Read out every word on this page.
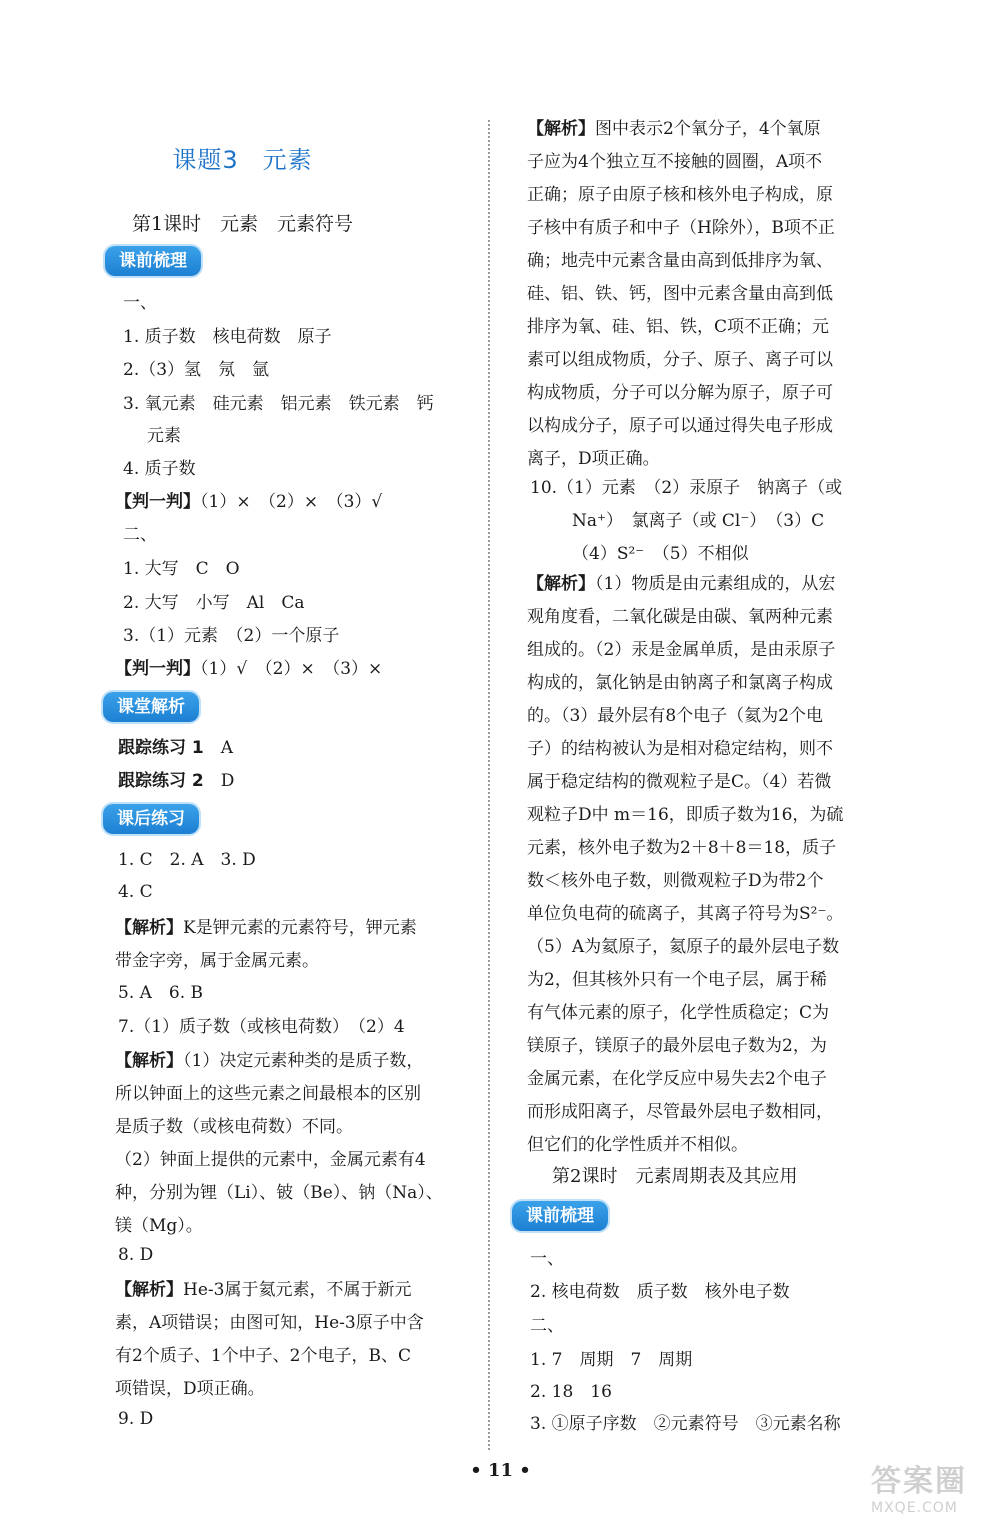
课题3 元素
第1课时　元素　元素符号
课前梳理
一、
1. 质子数　核电荷数　原子
2.（3）氢　氖　氩
3. 氧元素　硅元素　铝元素　铁元素　钙
元素
4. 质子数
【判一判】（1）×　（2）×　（3）√
二、
1. 大写　C　O
2. 大写　小写　Al　Ca
3.（1）元素　（2）一个原子
【判一判】（1）√　（2）×　（3）×
课堂解析
跟踪练习 1　 A
跟踪练习 2　 D
课后练习
1. C　2. A　3. D
4. C
【解析】K是钾元素的元素符号，钾元素
带金字旁，属于金属元素。
5. A　6. B
7.（1）质子数（或核电荷数）　（2）4
【解析】（1）决定元素种类的是质子数，
所以钟面上的这些元素之间最根本的区别
是质子数（或核电荷数）不同。
（2）钟面上提供的元素中，金属元素有4
种，分别为锂（Li）、铍（Be）、钠（Na）、
镁（Mg）。
8. D
【解析】He-3属于氦元素，不属于新元
素，A项错误；由图可知，He-3原子中含
有2个质子、1个中子、2个电子，B、C
项错误，D项正确。
9. D
【解析】图中表示2个氧分子，4个氧原
子应为4个独立互不接触的圆圈，A项不
正确；原子由原子核和核外电子构成，原
子核中有质子和中子（H除外），B项不正
确；地壳中元素含量由高到低排序为氧、
硅、铝、铁、钙，图中元素含量由高到低
排序为氧、硅、铝、铁，C项不正确；元
素可以组成物质，分子、原子、离子可以
构成物质，分子可以分解为原子，原子可
以构成分子，原子可以通过得失电子形成
离子，D项正确。
10.（1）元素　（2）汞原子　钠离子（或
Na⁺）　氯离子（或 Cl⁻）　（3）C
（4）S²⁻　（5）不相似
【解析】（1）物质是由元素组成的，从宏
观角度看，二氧化碳是由碳、氧两种元素
组成的。（2）汞是金属单质，是由汞原子
构成的，氯化钠是由钠离子和氯离子构成
的。（3）最外层有8个电子（氦为2个电
子）的结构被认为是相对稳定结构，则不
属于稳定结构的微观粒子是C。（4）若微
观粒子D中 m＝16，即质子数为16，为硫
元素，核外电子数为2＋8＋8＝18，质子
数＜核外电子数，则微观粒子D为带2个
单位负电荷的硫离子，其离子符号为S²⁻。
（5）A为氦原子，氦原子的最外层电子数
为2，但其核外只有一个电子层，属于稀
有气体元素的原子，化学性质稳定；C为
镁原子，镁原子的最外层电子数为2，为
金属元素，在化学反应中易失去2个电子
而形成阳离子，尽管最外层电子数相同，
但它们的化学性质并不相似。
第2课时　元素周期表及其应用
课前梳理
一、
2. 核电荷数　质子数　核外电子数
二、
1. 7　周期　7　周期
2. 18　16
3. ①原子序数　②元素符号　③元素名称
• 11 •	答案圈
MXQE.COM
